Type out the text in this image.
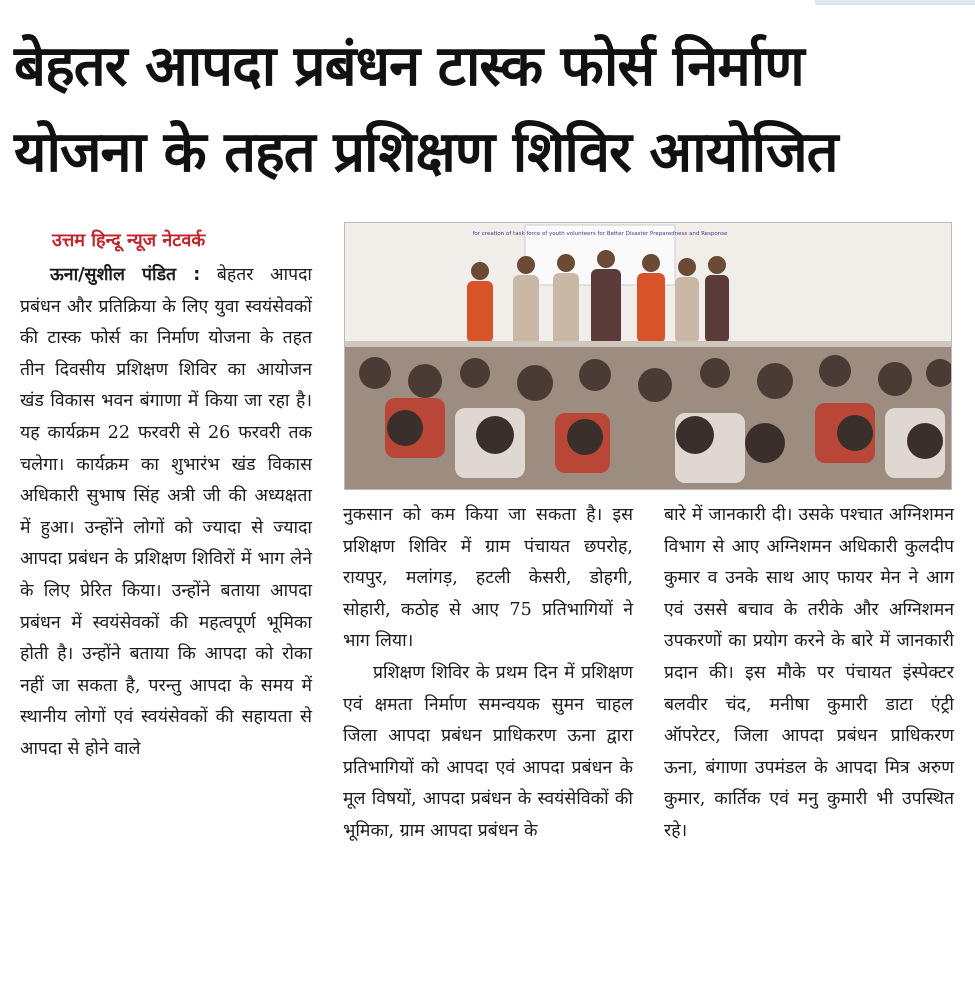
बेहतर आपदा प्रबंधन टास्क फोर्स निर्माण
योजना के तहत प्रशिक्षण शिविर आयोजित
उत्तम हिन्दू न्यूज नेटवर्क

ऊना/सुशील पंडित : बेहतर आपदा प्रबंधन और प्रतिक्रिया के लिए युवा स्वयंसेवकों की टास्क फोर्स का निर्माण योजना के तहत तीन दिवसीय प्रशिक्षण शिविर का आयोजन खंड विकास भवन बंगाणा में किया जा रहा है। यह कार्यक्रम 22 फरवरी से 26 फरवरी तक चलेगा। कार्यक्रम का शुभारंभ खंड विकास अधिकारी सुभाष सिंह अत्री जी की अध्यक्षता में हुआ। उन्होंने लोगों को ज्यादा से ज्यादा आपदा प्रबंधन के प्रशिक्षण शिविरों में भाग लेने के लिए प्रेरित किया। उन्होंने बताया आपदा प्रबंधन में स्वयंसेवकों की महत्वपूर्ण भूमिका होती है। उन्होंने बताया कि आपदा को रोका नहीं जा सकता है, परन्तु आपदा के समय में स्थानीय लोगों एवं स्वयंसेवकों की सहायता से आपदा से होने वाले

for creation of task force of youth volunteers for Better Disaster Preparedness and Response

नुकसान को कम किया जा सकता है। इस प्रशिक्षण शिविर में ग्राम पंचायत छपरोह, रायपुर, मलांगड़, हटली केसरी, डोहगी, सोहारी, कठोह से आए 75 प्रतिभागियों ने भाग लिया।

प्रशिक्षण शिविर के प्रथम दिन में प्रशिक्षण एवं क्षमता निर्माण समन्वयक सुमन चाहल जिला आपदा प्रबंधन प्राधिकरण ऊना द्वारा प्रतिभागियों को आपदा एवं आपदा प्रबंधन के मूल विषयों, आपदा प्रबंधन के स्वयंसेविकों की भूमिका, ग्राम आपदा प्रबंधन के

बारे में जानकारी दी। उसके पश्चात अग्निशमन विभाग से आए अग्निशमन अधिकारी कुलदीप कुमार व उनके साथ आए फायर मेन ने आग एवं उससे बचाव के तरीके और अग्निशमन उपकरणों का प्रयोग करने के बारे में जानकारी प्रदान की। इस मौके पर पंचायत इंस्पेक्टर बलवीर चंद, मनीषा कुमारी डाटा एंट्री ऑपरेटर, जिला आपदा प्रबंधन प्राधिकरण ऊना, बंगाणा उपमंडल के आपदा मित्र अरुण कुमार, कार्तिक एवं मनु कुमारी भी उपस्थित रहे।
